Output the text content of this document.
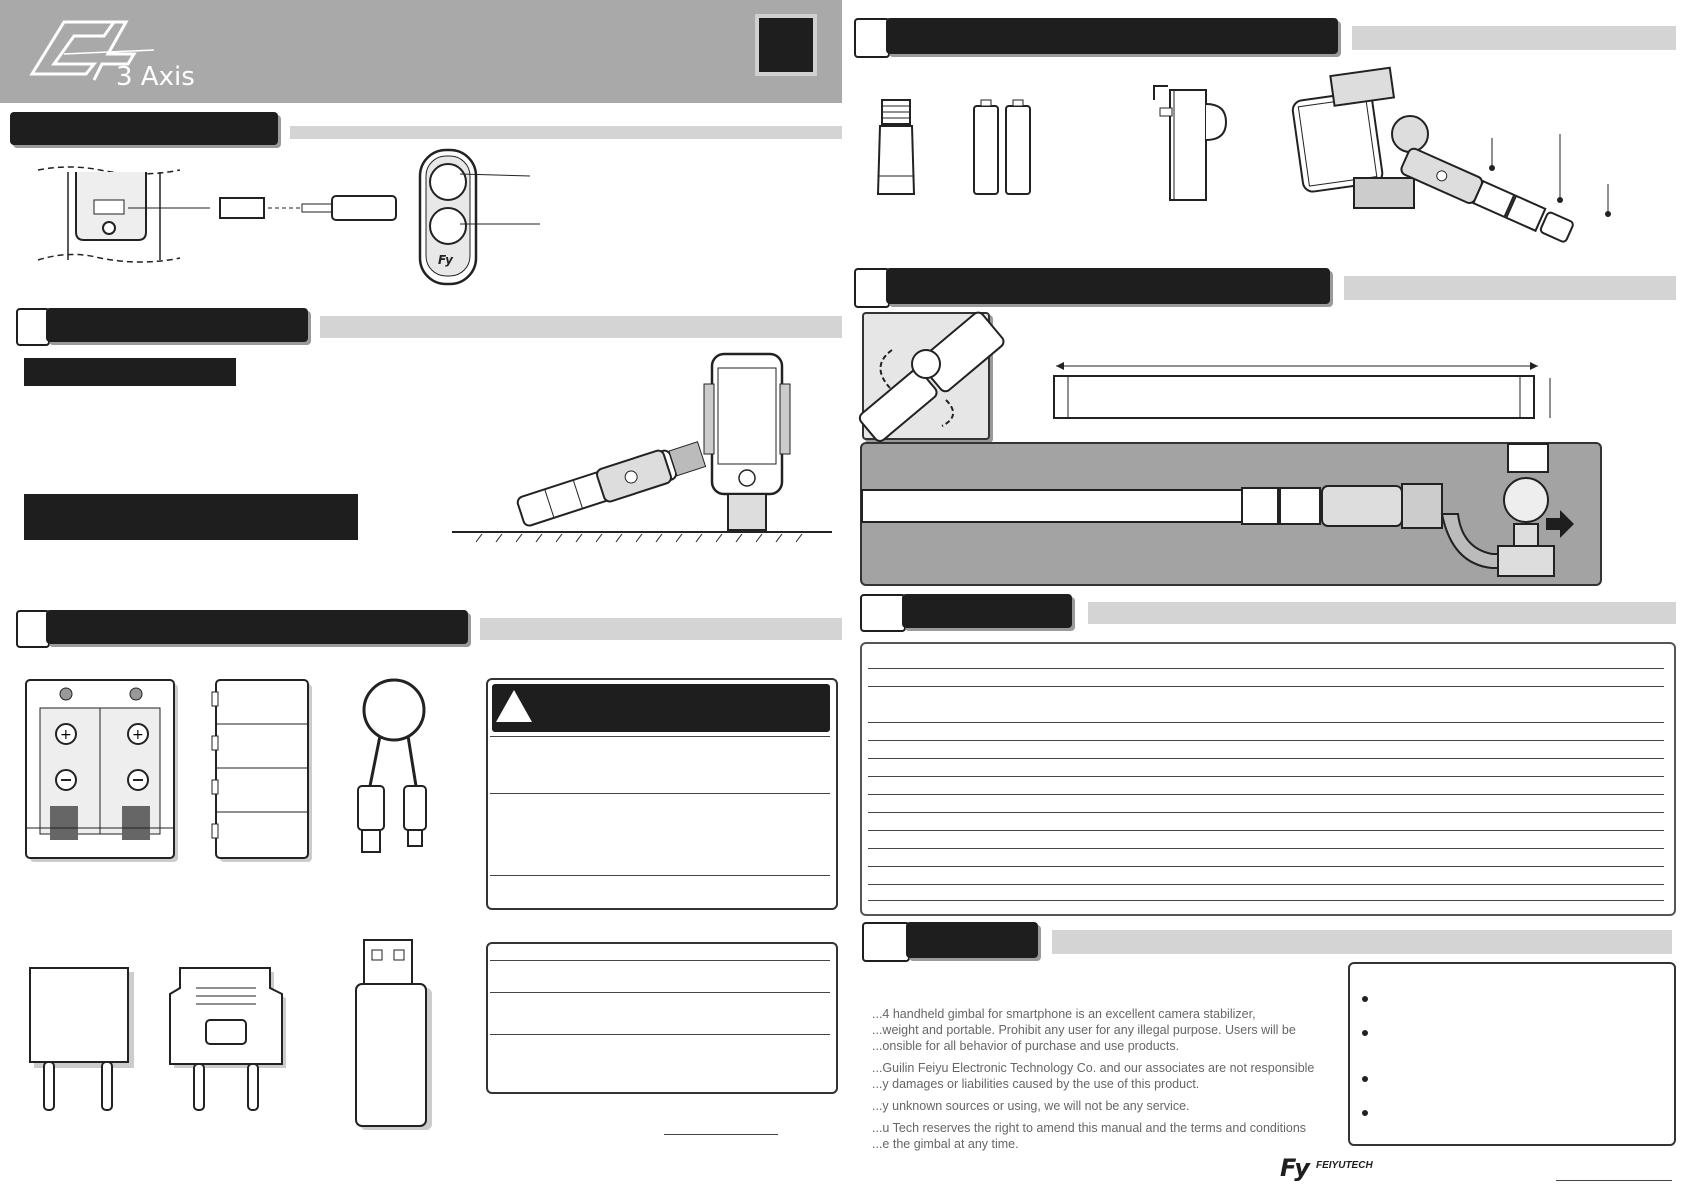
3 Axis
Fy
+	+
...4 handheld gimbal for smartphone is an excellent camera stabilizer,
...weight and portable. Prohibit any user for any illegal purpose. Users will be
...onsible for all behavior of purchase and use products.
...Guilin Feiyu Electronic Technology Co. and our associates are not responsible
...y damages or liabilities caused by the use of this product.
...y unknown sources or using, we will not be any service.
...u Tech reserves the right to amend this manual and the terms and conditions
...e the gimbal at any time.
Fy FEIYUTECH
